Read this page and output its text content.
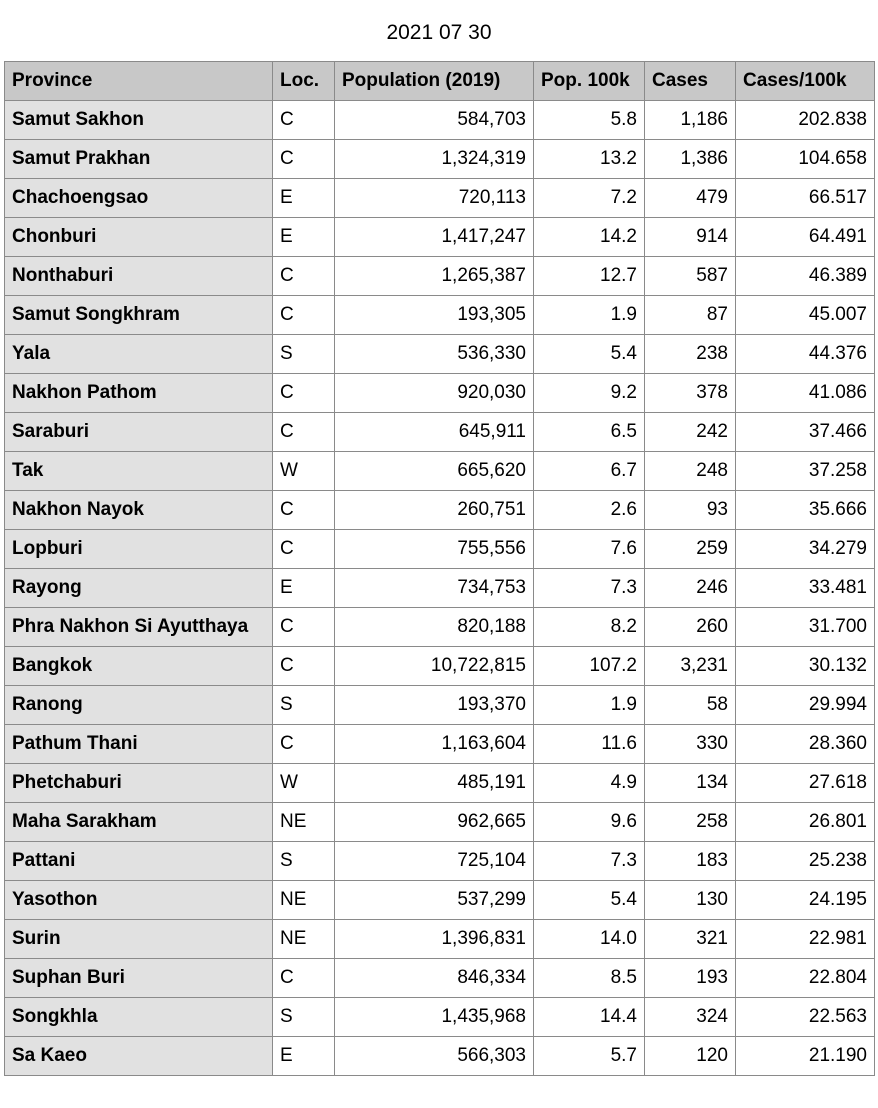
2021 07 30
Province	Loc.	Population (2019)	Pop. 100k	Cases	Cases/100k
Samut Sakhon	C	584,703	5.8	1,186	202.838
Samut Prakhan	C	1,324,319	13.2	1,386	104.658
Chachoengsao	E	720,113	7.2	479	66.517
Chonburi	E	1,417,247	14.2	914	64.491
Nonthaburi	C	1,265,387	12.7	587	46.389
Samut Songkhram	C	193,305	1.9	87	45.007
Yala	S	536,330	5.4	238	44.376
Nakhon Pathom	C	920,030	9.2	378	41.086
Saraburi	C	645,911	6.5	242	37.466
Tak	W	665,620	6.7	248	37.258
Nakhon Nayok	C	260,751	2.6	93	35.666
Lopburi	C	755,556	7.6	259	34.279
Rayong	E	734,753	7.3	246	33.481
Phra Nakhon Si Ayutthaya	C	820,188	8.2	260	31.700
Bangkok	C	10,722,815	107.2	3,231	30.132
Ranong	S	193,370	1.9	58	29.994
Pathum Thani	C	1,163,604	11.6	330	28.360
Phetchaburi	W	485,191	4.9	134	27.618
Maha Sarakham	NE	962,665	9.6	258	26.801
Pattani	S	725,104	7.3	183	25.238
Yasothon	NE	537,299	5.4	130	24.195
Surin	NE	1,396,831	14.0	321	22.981
Suphan Buri	C	846,334	8.5	193	22.804
Songkhla	S	1,435,968	14.4	324	22.563
Sa Kaeo	E	566,303	5.7	120	21.190
